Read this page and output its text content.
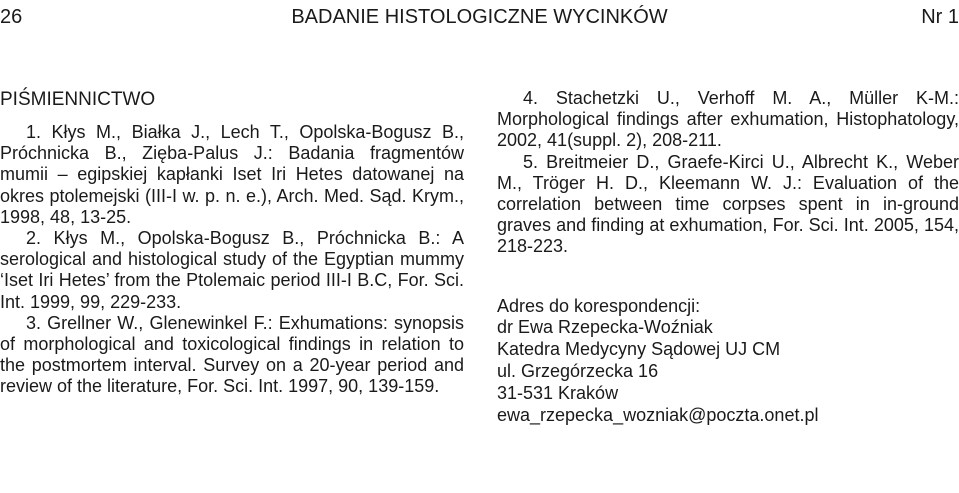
26	BADANIE HISTOLOGICZNE WYCINKÓW	Nr 1
PIŚMIENNICTWO

1. Kłys M., Białka J., Lech T., Opolska-Bogusz B., Próchnicka B., Zięba-Palus J.: Badania fragmentów mumii – egipskiej kapłanki Iset Iri Hetes datowanej na okres ptolemejski (III-I w. p. n. e.), Arch. Med. Sąd. Krym., 1998, 48, 13-25.

2. Kłys M., Opolska-Bogusz B., Próchnicka B.: A serological and histological study of the Egyptian mummy ‘Iset Iri Hetes’ from the Ptolemaic period III-I B.C, For. Sci. Int. 1999, 99, 229-233.

3. Grellner W., Glenewinkel F.: Exhumations: synopsis of morphological and toxicological findings in relation to the postmortem interval. Survey on a 20-year period and review of the literature, For. Sci. Int. 1997, 90, 139-159.

4. Stachetzki U., Verhoff M. A., Müller K-M.: Morphological findings after exhumation, Histophatology, 2002, 41(suppl. 2), 208-211.

5. Breitmeier D., Graefe-Kirci U., Albrecht K., Weber M., Tröger H. D., Kleemann W. J.: Evaluation of the correlation between time corpses spent in in-ground graves and finding at exhumation, For. Sci. Int. 2005, 154, 218-223.

Adres do korespondencji:
dr Ewa Rzepecka-Woźniak
Katedra Medycyny Sądowej UJ CM
ul. Grzegórzecka 16
31-531 Kraków
ewa_rzepecka_wozniak@poczta.onet.pl
